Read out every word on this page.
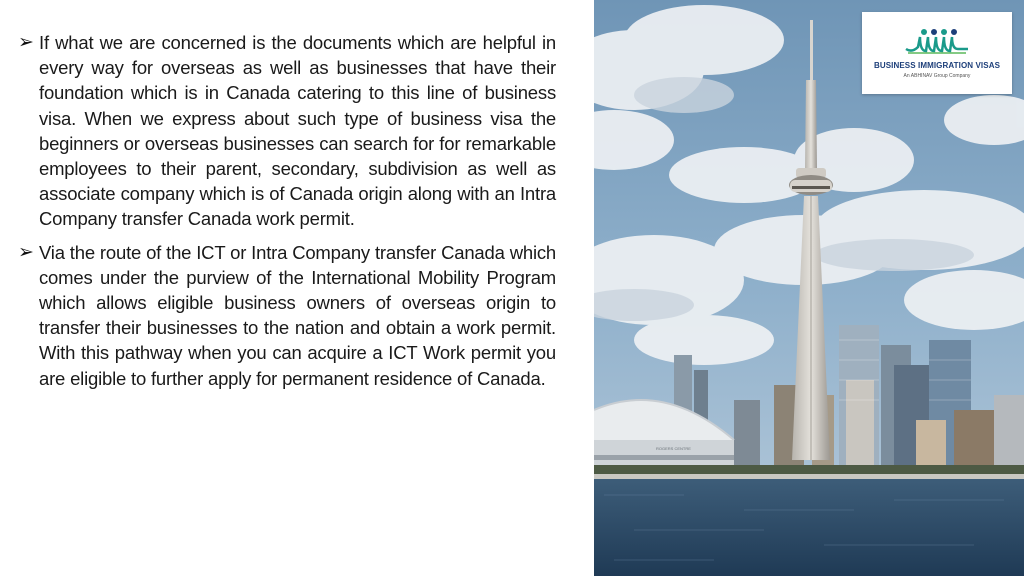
➢ If what we are concerned is the documents which are helpful in every way for overseas as well as businesses that have their foundation which is in Canada catering to this line of business visa. When we express about such type of business visa the beginners or overseas businesses can search for for remarkable employees to their parent, secondary, subdivision as well as associate company which is of Canada origin along with an Intra Company transfer Canada work permit.
➢ Via the route of the ICT or Intra Company transfer Canada which comes under the purview of the International Mobility Program which allows eligible business owners of overseas origin to transfer their businesses to the nation and obtain a work permit. With this pathway when you can acquire a ICT Work permit you are eligible to further apply for permanent residence of Canada.
ROGERS CENTRE
BUSINESS IMMIGRATION VISAS
An ABHINAV Group Company
